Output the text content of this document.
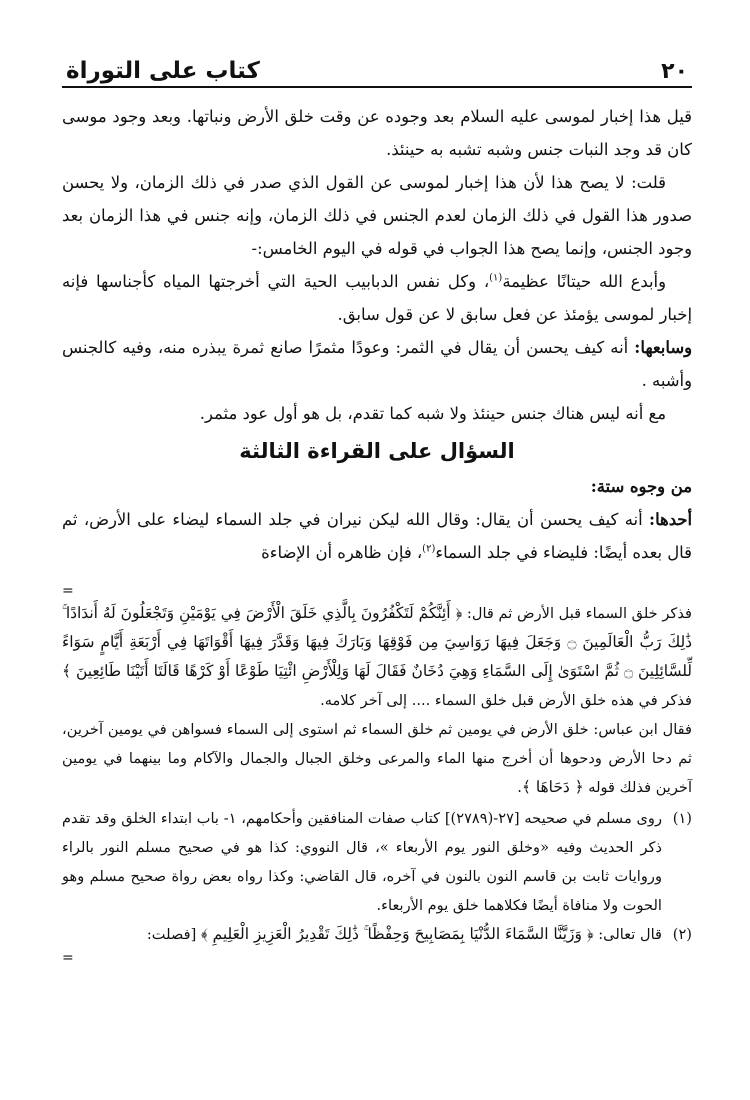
٢٠
كتاب على التوراة

قيل هذا إخبار لموسى عليه السلام بعد وجوده عن وقت خلق الأرض ونباتها. وبعد وجود موسى كان قد وجد النبات جنس وشبه تشبه به حينئذ.

قلت: لا يصح هذا لأن هذا إخبار لموسى عن القول الذي صدر في ذلك الزمان، ولا يحسن صدور هذا القول في ذلك الزمان لعدم الجنس في ذلك الزمان، وإنه جنس في هذا الزمان بعد وجود الجنس، وإنما يصح هذا الجواب في قوله في اليوم الخامس:-

وأبدع الله حيتانًا عظيمة$^{(١)}$، وكل نفس الدبابيب الحية التي أخرجتها المياه كأجناسها فإنه إخبار لموسى يؤمئذ عن فعل سابق لا عن قول سابق.

وسابعها: أنه كيف يحسن أن يقال في الثمر: وعودًا مثمرًا صانع ثمرة يبذره منه، وفيه كالجنس وأشبه .

مع أنه ليس هناك جنس حينئذ ولا شبه كما تقدم، بل هو أول عود مثمر.

السؤال على القراءة الثالثة

من وجوه ستة:

أحدها: أنه كيف يحسن أن يقال: وقال الله ليكن نيران في جلد السماء ليضاء على الأرض، ثم قال بعده أيضًا: فليضاء في جلد السماء$^{(٢)}$، فإن ظاهره أن الإضاءة

=

فذكر خلق السماء قبل الأرض ثم قال: ﴿ أَئِنَّكُمْ لَتَكْفُرُونَ بِالَّذِي خَلَقَ الْأَرْضَ فِي يَوْمَيْنِ وَتَجْعَلُونَ لَهُ أَندَادًا ۚ ذَٰلِكَ رَبُّ الْعَالَمِينَ ۝ وَجَعَلَ فِيهَا رَوَاسِيَ مِن فَوْقِهَا وَبَارَكَ فِيهَا وَقَدَّرَ فِيهَا أَقْوَاتَهَا فِي أَرْبَعَةِ أَيَّامٍ سَوَاءً لِّلسَّائِلِينَ ۝ ثُمَّ اسْتَوَىٰ إِلَى السَّمَاءِ وَهِيَ دُخَانٌ فَقَالَ لَهَا وَلِلْأَرْضِ ائْتِيَا طَوْعًا أَوْ كَرْهًا قَالَتَا أَتَيْنَا طَائِعِينَ ﴾ فذكر في هذه خلق الأرض قبل خلق السماء .... إلى آخر كلامه.

فقال ابن عباس: خلق الأرض في يومين ثم خلق السماء ثم استوى إلى السماء فسواهن في يومين آخرين، ثم دحا الأرض ودحوها أن أخرج منها الماء والمرعى وخلق الجبال والجمال والآكام وما بينهما في يومين آخرين فذلك قوله ﴿ دَحَاهَا ﴾.

(١)

روى مسلم في صحيحه [٢٧-(٢٧٨٩)] كتاب صفات المنافقين وأحكامهم، ١- باب ابتداء الخلق وقد تقدم ذكر الحديث وفيه «وخلق النور يوم الأربعاء »، قال النووي: كذا هو في صحيح مسلم النور بالراء وروايات ثابت بن قاسم النون بالنون في آخره، قال القاضي: وكذا رواه بعض رواة صحيح مسلم وهو الحوت ولا منافاة أيضًا فكلاهما خلق يوم الأربعاء.

(٢)

قال تعالى: ﴿ وَزَيَّنَّا السَّمَاءَ الدُّنْيَا بِمَصَابِيحَ وَحِفْظًا ۚ ذَٰلِكَ تَقْدِيرُ الْعَزِيزِ الْعَلِيمِ ﴾ [فصلت:

=
